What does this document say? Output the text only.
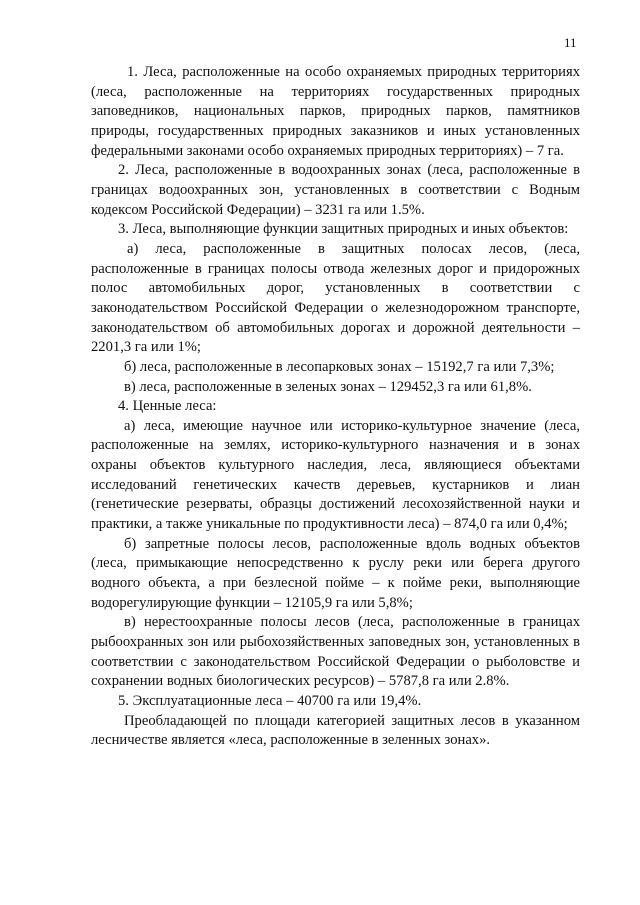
11

1. Леса, расположенные на особо охраняемых природных территориях (леса, расположенные на территориях государственных природных заповедников, национальных парков, природных парков, памятников природы, государственных природных заказников и иных установленных федеральными законами особо охраняемых природных территориях) – 7 га.

2. Леса, расположенные в водоохранных зонах (леса, расположенные в границах водоохранных зон, установленных в соответствии с Водным кодексом Российской Федерации) – 3231 га или 1.5%.

3. Леса, выполняющие функции защитных природных и иных объектов:

а) леса, расположенные в защитных полосах лесов, (леса, расположенные в границах полосы отвода железных дорог и придорожных полос автомобильных дорог, установленных в соответствии с законодательством Российской Федерации о железнодорожном транспорте, законодательством об автомобильных дорогах и дорожной деятельности – 2201,3 га или 1%;

б) леса, расположенные в лесопарковых зонах – 15192,7 га или 7,3%;

в) леса, расположенные в зеленых зонах – 129452,3 га или 61,8%.

4. Ценные леса:

а) леса, имеющие научное или историко-культурное значение (леса, расположенные на землях, историко-культурного назначения и в зонах охраны объектов культурного наследия, леса, являющиеся объектами исследований генетических качеств деревьев, кустарников и лиан (генетические резерваты, образцы достижений лесохозяйственной науки и практики, а также уникальные по продуктивности леса) – 874,0 га или 0,4%;

б) запретные полосы лесов, расположенные вдоль водных объектов (леса, примыкающие непосредственно к руслу реки или берега другого водного объекта, а при безлесной пойме – к пойме реки, выполняющие водорегулирующие функции – 12105,9 га или 5,8%;

в) нерестоохранные полосы лесов (леса, расположенные в границах рыбоохранных зон или рыбохозяйственных заповедных зон, установленных в соответствии с законодательством Российской Федерации о рыболовстве и сохранении водных биологических ресурсов) – 5787,8 га или 2.8%.

5. Эксплуатационные леса – 40700 га или 19,4%.

Преобладающей по площади категорией защитных лесов в указанном лесничестве является «леса, расположенные в зеленных зонах».
